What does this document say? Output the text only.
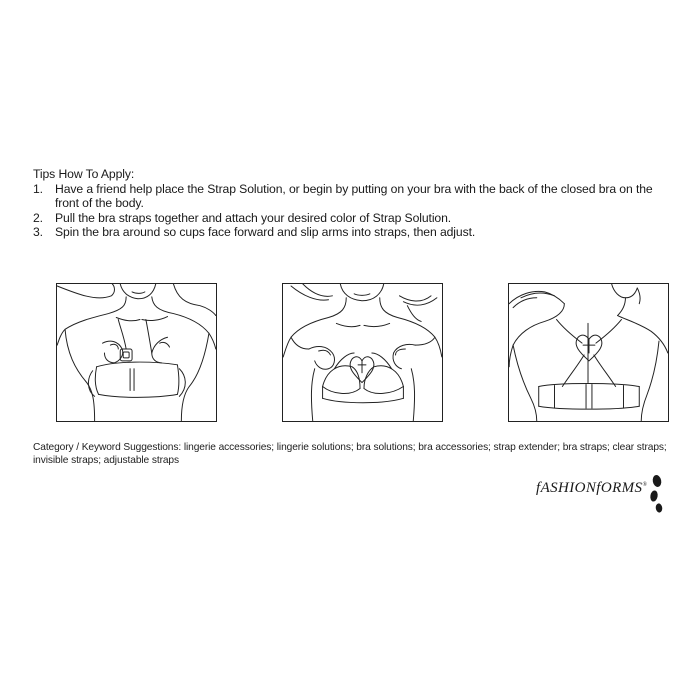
Tips How To Apply:

1. Have a friend help place the Strap Solution, or begin by putting on your bra with the back of the closed bra on the front of the body.
2. Pull the bra straps together and attach your desired color of Strap Solution.
3. Spin the bra around so cups face forward and slip arms into straps, then adjust.
Category / Keyword Suggestions: lingerie accessories; lingerie solutions; bra solutions; bra accessories; strap extender; bra straps; clear straps; invisible straps; adjustable straps
fASHIONfORMS®
